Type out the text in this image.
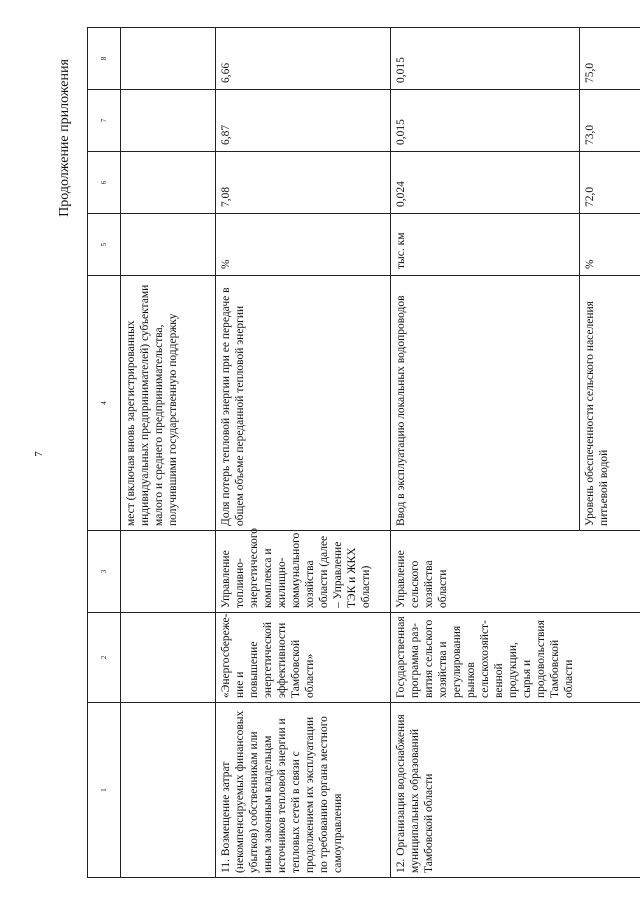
7
Продолжение приложения
1	2	3	4	5	6	7	8
			мест (включая вновь зарегистрированных индивидуальных предпринимателей) субъектами малого и среднего предпринимательства, получившими государственную поддержку				
11. Возмещение затрат (некомпенсируемых финансовых убытков) собственникам или иным законным владельцам источников тепловой энергии и тепловых сетей в связи с продолжением их эксплуатации по требованию органа местного самоуправления	«Энергосбереже-ние и повышение энергетической эффективности Тамбовской области»	Управление топливно-энергетического комплекса и жилищно-коммунального хозяйства области (далее – Управление ТЭК и ЖКХ области)	Доля потерь тепловой энергии при ее передаче в общем объеме переданной тепловой энергии	%	7,08	6,87	6,66
12. Организация водоснабжения муниципальных образований Тамбовской области	Государственная программа раз-вития сельского хозяйства и регулирования рынков сельскохозяйст-венной продукции, сырья и продовольствия Тамбовской области	Управление сельского хозяйства области	Ввод в эксплуатацию локальных водопроводов	тыс. км	0,024	0,015	0,015
			Уровень обеспеченности сельского населения питьевой водой	%	72,0	73,0	75,0
